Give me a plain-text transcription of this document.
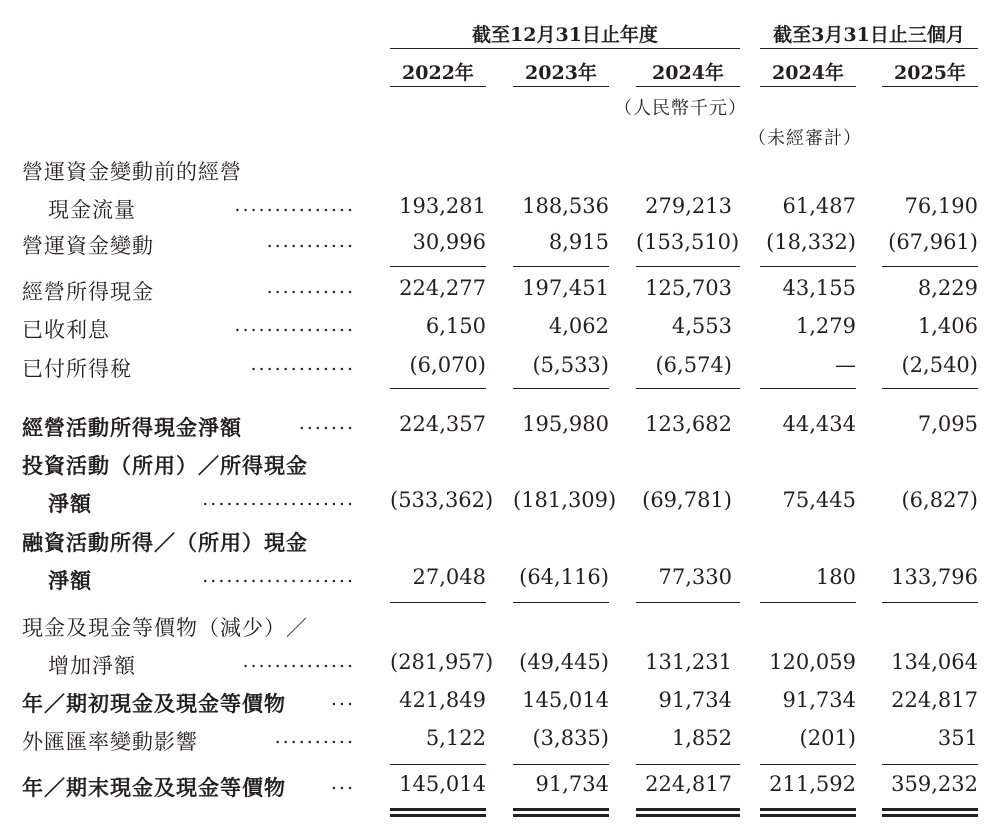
截至12月31日止年度	截至3月31日止三個月
2022年	2023年	2024年	2024年	2025年
（人民幣千元）
（未經審計）
營運資金變動前的經營
現金流量	...............	193,281	188,536	279,213	61,487	76,190
營運資金變動	...........	30,996	8,915 (153,510) (18,332) (67,961)
經營所得現金	...........	224,277	197,451	125,703	43,155	8,229
已收利息	...............	6,150	4,062	4,553	1,279	1,406
已付所得稅	.............	(6,070)	(5,533)	(6,574)	—	(2,540)
經營活動所得現金淨額	.......	224,357	195,980	123,682	44,434	7,095
投資活動（所用）／所得現金
淨額	................... (533,362) (181,309) (69,781)	75,445	(6,827)
融資活動所得／（所用）現金
淨額	...................	27,048 (64,116)	77,330	180	133,796
現金及現金等價物（減少）／
增加淨額	.............. (281,957) (49,445)	131,231	120,059	134,064
年／期初現金及現金等價物 ...	421,849	145,014	91,734	91,734	224,817
外匯匯率變動影響	..........	5,122	(3,835)	1,852	(201)	351
年／期末現金及現金等價物 ...	145,014	91,734	224,817	211,592	359,232
